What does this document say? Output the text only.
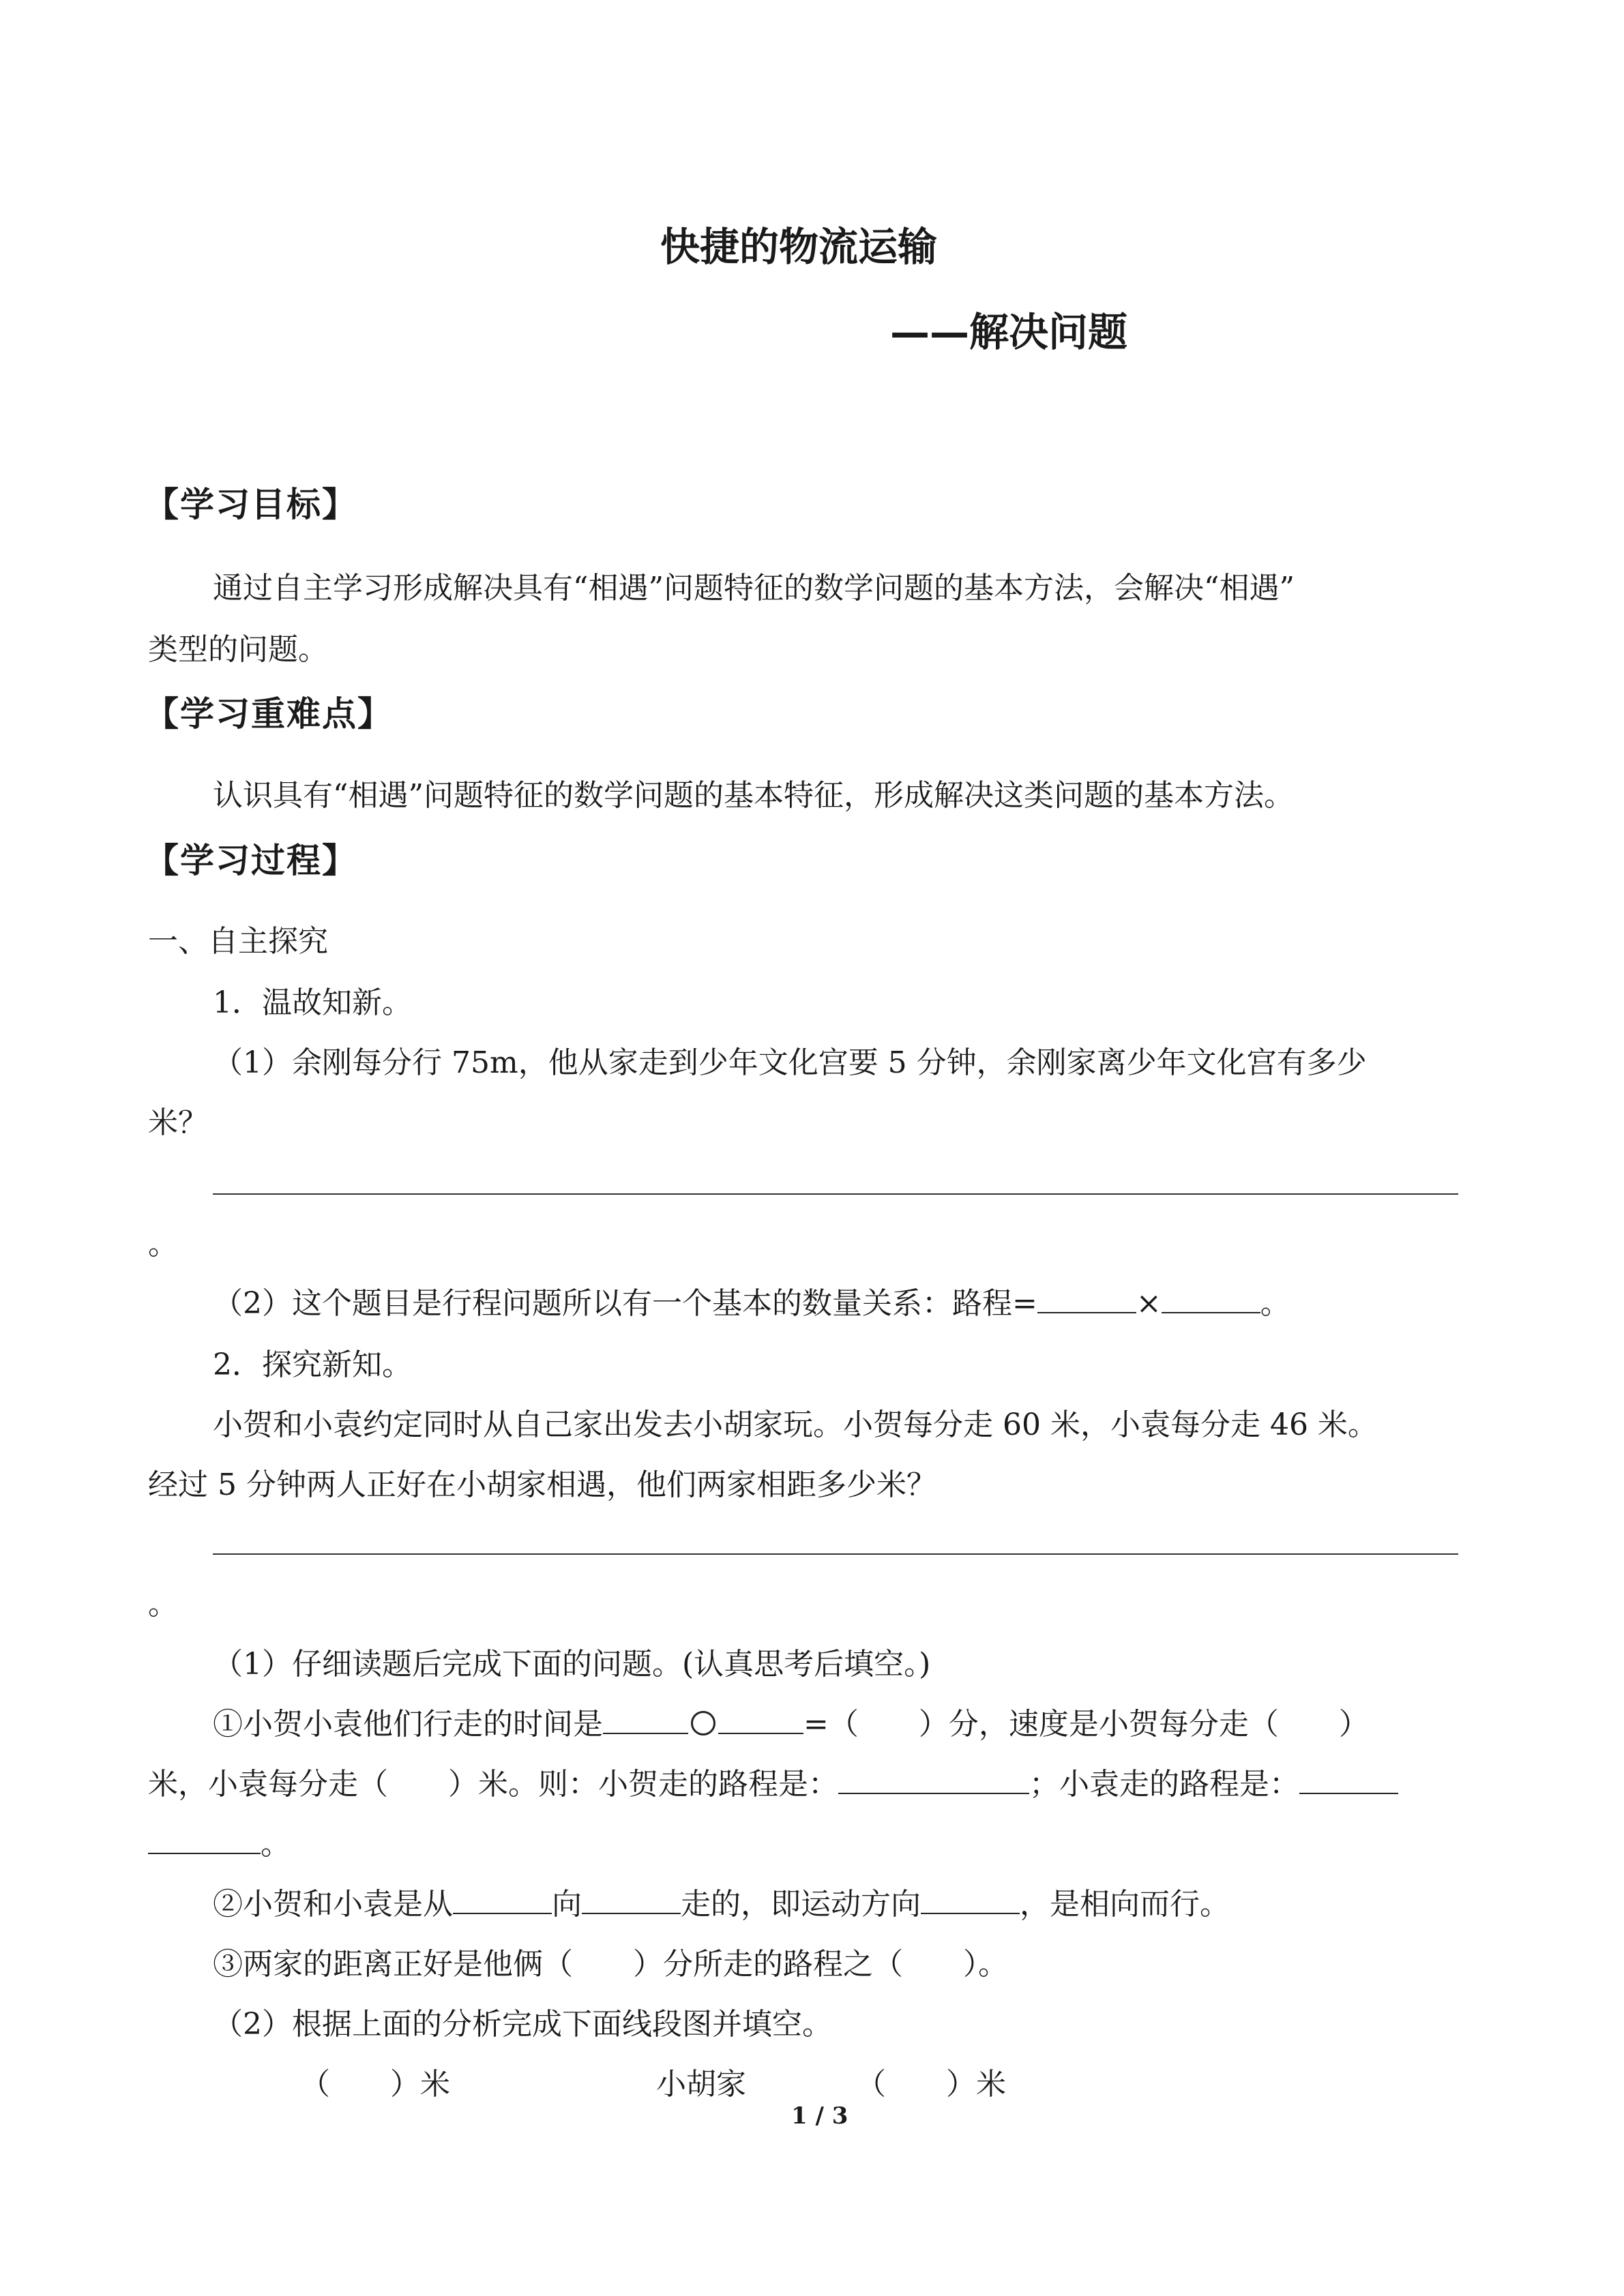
快捷的物流运输
——解决问题
【学习目标】
通过自主学习形成解决具有“相遇”问题特征的数学问题的基本方法，会解决“相遇”
类型的问题。
【学习重难点】
认识具有“相遇”问题特征的数学问题的基本特征，形成解决这类问题的基本方法。
【学习过程】
一、自主探究
1．温故知新。
（1）余刚每分行 75m，他从家走到少年文化宫要 5 分钟，余刚家离少年文化宫有多少
米？
。
（2）这个题目是行程问题所以有一个基本的数量关系：路程=	×	。
2．探究新知。
小贺和小袁约定同时从自己家出发去小胡家玩。小贺每分走 60 米，小袁每分走 46 米。
经过 5 分钟两人正好在小胡家相遇，他们两家相距多少米？
。
（1）仔细读题后完成下面的问题。(认真思考后填空。)
①小贺小袁他们行走的时间是	=（　　）分，速度是小贺每分走（　　）
米，小袁每分走（　　）米。则：小贺走的路程是：	；小袁走的路程是：
。
②小贺和小袁是从	向	走的，即运动方向	，是相向而行。
③两家的距离正好是他俩（　　）分所走的路程之（　　）。
（2）根据上面的分析完成下面线段图并填空。
（　　）米	小胡家	（　　）米
1 / 3
